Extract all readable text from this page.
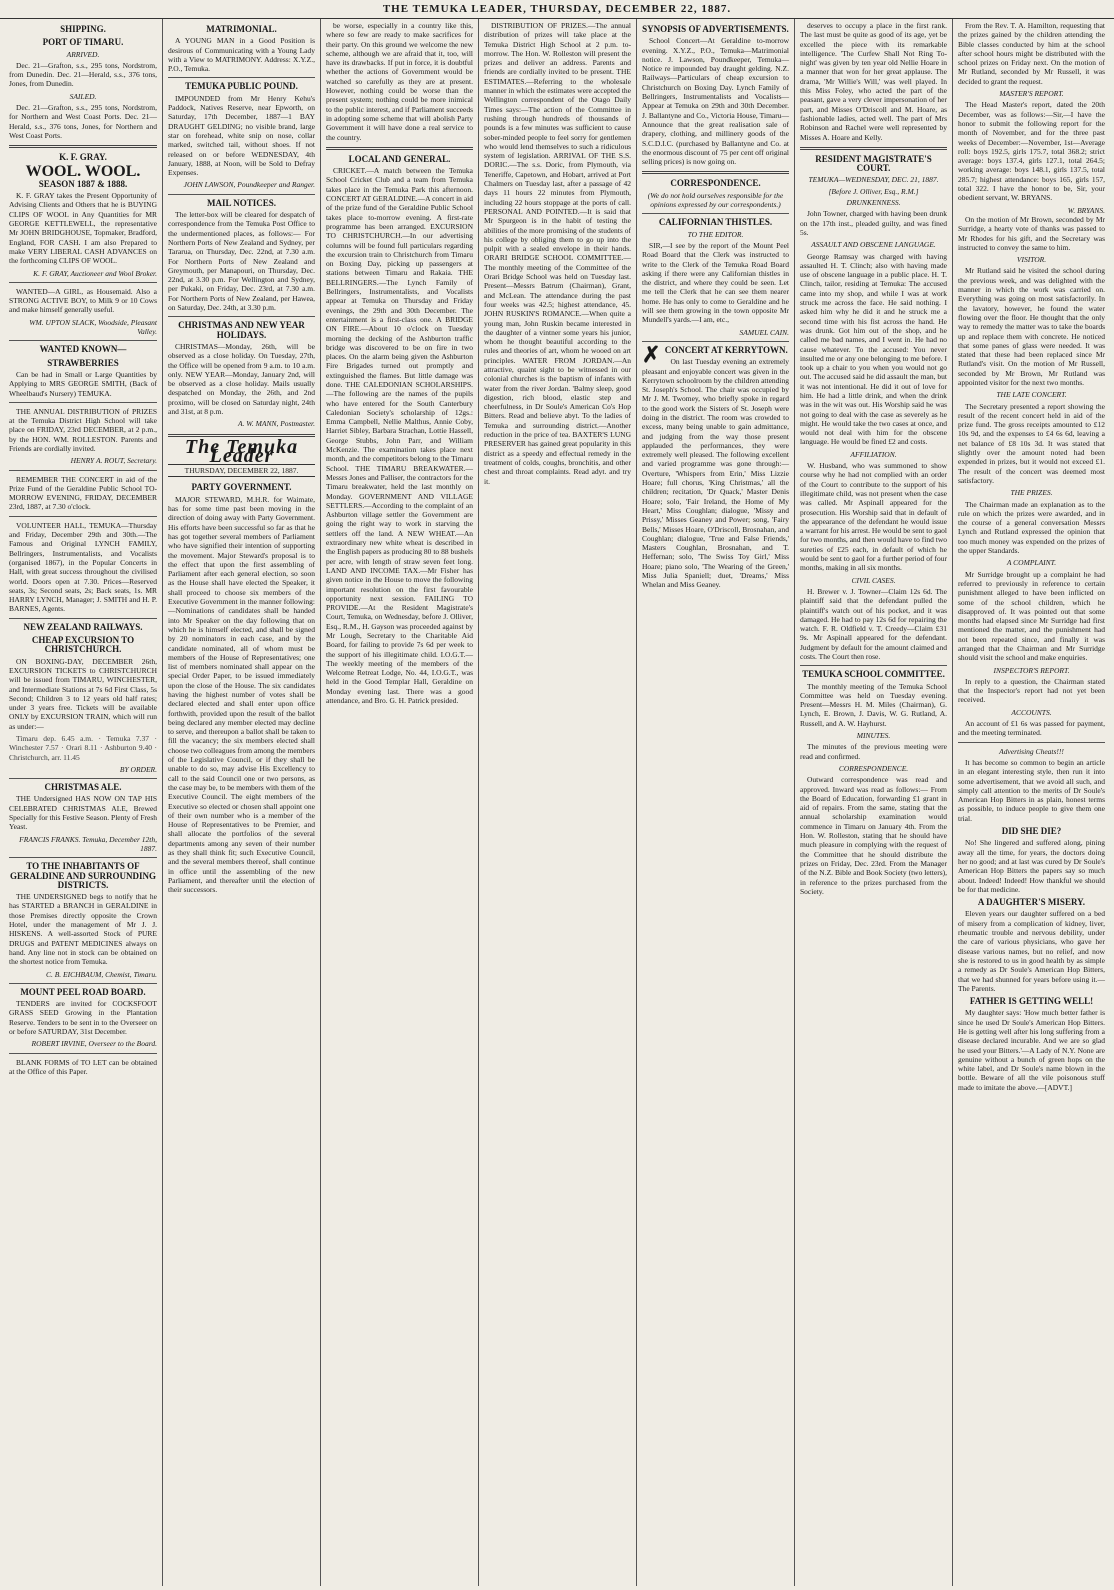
THE TEMUKA LEADER, THURSDAY, DECEMBER 22, 1887.
SHIPPING.
PORT OF TIMARU.
ARRIVED.

Dec. 21—Grafton, s.s., 295 tons, Nordstrom, from Dunedin. Dec. 21—Herald, s.s., 376 tons, Jones, from Dunedin.

SAILED.

Dec. 21—Grafton, s.s., 295 tons, Nordstrom, for Northern and West Coast Ports. Dec. 21—Herald, s.s., 376 tons, Jones, for Northern and West Coast Ports.

K. F. GRAY.
WOOL. WOOL.
SEASON 1887 & 1888.

K. F. GRAY takes the Present Opportunity of Advising Clients and Others that he is BUYING CLIPS OF WOOL in Any Quantities for MR GEORGE KETTLEWELL, the representative Mr JOHN BRIDGHOUSE, Topmaker, Bradford, England, FOR CASH. I am also Prepared to make VERY LIBERAL CASH ADVANCES on the forthcoming CLIPS OF WOOL.

K. F. GRAY, Auctioneer and Wool Broker.

WANTED—A GIRL, as Housemaid. Also a STRONG ACTIVE BOY, to Milk 9 or 10 Cows and make himself generally useful.

WM. UPTON SLACK, Woodside, Pleasant Valley.
WANTED KNOWN—
STRAWBERRIES

Can be had in Small or Large Quantities by Applying to MRS GEORGE SMITH, (Back of Wheelbaud's Nursery) TEMUKA.

THE ANNUAL DISTRIBUTION of PRIZES at the Temuka District High School will take place on FRIDAY, 23rd DECEMBER, at 2 p.m., by the HON. WM. ROLLESTON. Parents and Friends are cordially invited.

HENRY A. ROUT, Secretary.

REMEMBER THE CONCERT in aid of the Prize Fund of the Geraldine Public School TO-MORROW EVENING, FRIDAY, DECEMBER 23rd, 1887, at 7.30 o'clock.

VOLUNTEER HALL, TEMUKA—Thursday and Friday, December 29th and 30th.—The Famous and Original LYNCH FAMILY, Bellringers, Instrumentalists, and Vocalists (organised 1867), in the Popular Concerts in Hall, with great success throughout the civilised world. Doors open at 7.30. Prices—Reserved seats, 3s; Second seats, 2s; Back seats, 1s. MR HARRY LYNCH, Manager; J. SMITH and H. P. BARNES, Agents.

NEW ZEALAND RAILWAYS.
CHEAP EXCURSION TO CHRISTCHURCH.

ON BOXING-DAY, DECEMBER 26th, EXCURSION TICKETS to CHRISTCHURCH will be issued from TIMARU, WINCHESTER, and Intermediate Stations at 7s 6d First Class, 5s Second; Children 3 to 12 years old half rates; under 3 years free. Tickets will be available ONLY by EXCURSION TRAIN, which will run as under:—

Timaru dep. 6.45 a.m. · Temuka 7.37 · Winchester 7.57 · Orari 8.11 · Ashburton 9.40 · Christchurch, arr. 11.45

BY ORDER.
CHRISTMAS ALE.

THE Undersigned HAS NOW ON TAP HIS CELEBRATED CHRISTMAS ALE, Brewed Specially for this Festive Season. Plenty of Fresh Yeast.

FRANCIS FRANKS. Temuka, December 12th, 1887.
TO THE INHABITANTS OF GERALDINE AND SURROUNDING DISTRICTS.

THE UNDERSIGNED begs to notify that he has STARTED a BRANCH in GERALDINE in those Premises directly opposite the Crown Hotel, under the management of Mr J. J. HISKENS. A well-assorted Stock of PURE DRUGS and PATENT MEDICINES always on hand. Any line not in stock can be obtained on the shortest notice from Temuka.

C. B. EICHBAUM, Chemist, Timaru.
MOUNT PEEL ROAD BOARD.

TENDERS are invited for COCKSFOOT GRASS SEED Growing in the Plantation Reserve. Tenders to be sent in to the Overseer on or before SATURDAY, 31st December.

ROBERT IRVINE, Overseer to the Board.

BLANK FORMS of TO LET can be obtained at the Office of this Paper.

MATRIMONIAL.

A YOUNG MAN in a Good Position is desirous of Communicating with a Young Lady with a View to MATRIMONY. Address: X.Y.Z., P.O., Temuka.

TEMUKA PUBLIC POUND.

IMPOUNDED from Mr Henry Kehu's Paddock, Natives Reserve, near Epworth, on Saturday, 17th December, 1887—1 BAY DRAUGHT GELDING; no visible brand, large star on forehead, white snip on nose, collar marked, switched tail, without shoes. If not released on or before WEDNESDAY, 4th January, 1888, at Noon, will be Sold to Defray Expenses.

JOHN LAWSON, Poundkeeper and Ranger.
MAIL NOTICES.

The letter-box will be cleared for despatch of correspondence from the Temuka Post Office to the undermentioned places, as follows:— For Northern Ports of New Zealand and Sydney, per Tararua, on Thursday, Dec. 22nd, at 7.30 a.m. For Northern Ports of New Zealand and Greymouth, per Manapouri, on Thursday, Dec. 22nd, at 3.30 p.m. For Wellington and Sydney, per Pukaki, on Friday, Dec. 23rd, at 7.30 a.m. For Northern Ports of New Zealand, per Hawea, on Saturday, Dec. 24th, at 3.30 p.m.

CHRISTMAS AND NEW YEAR HOLIDAYS.

CHRISTMAS—Monday, 26th, will be observed as a close holiday. On Tuesday, 27th, the Office will be opened from 9 a.m. to 10 a.m. only. NEW YEAR—Monday, January 2nd, will be observed as a close holiday. Mails usually despatched on Monday, the 26th, and 2nd proximo, will be closed on Saturday night, 24th and 31st, at 8 p.m.

A. W. MANN, Postmaster.
The Temuka Leader
THURSDAY, DECEMBER 22, 1887.
PARTY GOVERNMENT.

MAJOR STEWARD, M.H.R. for Waimate, has for some time past been moving in the direction of doing away with Party Government. His efforts have been successful so far as that he has got together several members of Parliament who have signified their intention of supporting the movement. Major Steward's proposal is to the effect that upon the first assembling of Parliament after each general election, so soon as the House shall have elected the Speaker, it shall proceed to choose six members of the Executive Government in the manner following:—Nominations of candidates shall be handed into Mr Speaker on the day following that on which he is himself elected, and shall be signed by 20 nominators in each case, and by the candidate nominated, all of whom must be members of the House of Representatives; one list of members nominated shall appear on the special Order Paper, to be issued immediately upon the close of the House. The six candidates having the highest number of votes shall be declared elected and shall enter upon office forthwith, provided upon the result of the ballot being declared any member elected may decline to serve, and thereupon a ballot shall be taken to fill the vacancy; the six members elected shall choose two colleagues from among the members of the Legislative Council, or if they shall be unable to do so, may advise His Excellency to call to the said Council one or two persons, as the case may be, to be members with them of the Executive Council. The eight members of the Executive so elected or chosen shall appoint one of their own number who is a member of the House of Representatives to be Premier, and shall allocate the portfolios of the several departments among any seven of their number as they shall think fit; such Executive Council, and the several members thereof, shall continue in office until the assembling of the new Parliament, and thereafter until the election of their successors.

be worse, especially in a country like this, where so few are ready to make sacrifices for their party. On this ground we welcome the new scheme, although we are afraid that it, too, will have its drawbacks. If put in force, it is doubtful whether the actions of Government would be watched so carefully as they are at present. However, nothing could be worse than the present system; nothing could be more inimical to the public interest, and if Parliament succeeds in adopting some scheme that will abolish Party Government it will have done a real service to the country.

LOCAL AND GENERAL.

CRICKET.—A match between the Temuka School Cricket Club and a team from Temuka takes place in the Temuka Park this afternoon. CONCERT AT GERALDINE.—A concert in aid of the prize fund of the Geraldine Public School takes place to-morrow evening. A first-rate programme has been arranged. EXCURSION TO CHRISTCHURCH.—In our advertising columns will be found full particulars regarding the excursion train to Christchurch from Timaru on Boxing Day, picking up passengers at stations between Timaru and Rakaia. THE BELLRINGERS.—The Lynch Family of Bellringers, Instrumentalists, and Vocalists appear at Temuka on Thursday and Friday evenings, the 29th and 30th December. The entertainment is a first-class one. A BRIDGE ON FIRE.—About 10 o'clock on Tuesday morning the decking of the Ashburton traffic bridge was discovered to be on fire in two places. On the alarm being given the Ashburton Fire Brigades turned out promptly and extinguished the flames. But little damage was done. THE CALEDONIAN SCHOLARSHIPS.—The following are the names of the pupils who have entered for the South Canterbury Caledonian Society's scholarship of 12gs.: Emma Campbell, Nellie Malthus, Annie Coby, Harriet Sibley, Barbara Strachan, Lottie Hassell, George Stubbs, John Parr, and William McKenzie. The examination takes place next month, and the competitors belong to the Timaru School. THE TIMARU BREAKWATER.—Messrs Jones and Palliser, the contractors for the Timaru breakwater, held the last monthly on Monday. GOVERNMENT AND VILLAGE SETTLERS.—According to the complaint of an Ashburton village settler the Government are going the right way to work in starving the settlers off the land. A NEW WHEAT.—An extraordinary new white wheat is described in the English papers as producing 80 to 88 bushels per acre, with length of straw seven feet long. LAND AND INCOME TAX.—Mr Fisher has given notice in the House to move the following important resolution on the first favourable opportunity next session. FAILING TO PROVIDE.—At the Resident Magistrate's Court, Temuka, on Wednesday, before J. Olliver, Esq., R.M., H. Gayson was proceeded against by Mr Lough, Secretary to the Charitable Aid Board, for failing to provide 7s 6d per week to the support of his illegitimate child. I.O.G.T.—The weekly meeting of the members of the Welcome Retreat Lodge, No. 44, I.O.G.T., was held in the Good Templar Hall, Geraldine on Monday evening last. There was a good attendance, and Bro. G. H. Patrick presided.

DISTRIBUTION OF PRIZES.—The annual distribution of prizes will take place at the Temuka District High School at 2 p.m. to-morrow. The Hon. W. Rolleston will present the prizes and deliver an address. Parents and friends are cordially invited to be present. THE ESTIMATES.—Referring to the wholesale manner in which the estimates were accepted the Wellington correspondent of the Otago Daily Times says:—The action of the Committee in rushing through hundreds of thousands of pounds is a few minutes was sufficient to cause sober-minded people to feel sorry for gentlemen who would lend themselves to such a ridiculous system of legislation. ARRIVAL OF THE S.S. DORIC.—The s.s. Doric, from Plymouth, via Teneriffe, Capetown, and Hobart, arrived at Port Chalmers on Tuesday last, after a passage of 42 days 11 hours 22 minutes from Plymouth, including 22 hours stoppage at the ports of call. PERSONAL AND POINTED.—It is said that Mr Spurgeon is in the habit of testing the abilities of the more promising of the students of his college by obliging them to go up into the pulpit with a sealed envelope in their hands. ORARI BRIDGE SCHOOL COMMITTEE.—The monthly meeting of the Committee of the Orari Bridge School was held on Tuesday last. Present—Messrs Batrum (Chairman), Grant, and McLean. The attendance during the past four weeks was 42.5; highest attendance, 45. JOHN RUSKIN'S ROMANCE.—When quite a young man, John Ruskin became interested in the daughter of a vintner some years his junior, whom he thought beautiful according to the rules and theories of art, whom he wooed on art principles. WATER FROM JORDAN.—An attractive, quaint sight to be witnessed in our colonial churches is the baptism of infants with water from the river Jordan. 'Balmy sleep, good digestion, rich blood, elastic step and cheerfulness, in Dr Soule's American Co's Hop Bitters. Read and believe abyt. To the ladies of Temuka and surrounding district.—Another reduction in the price of tea. BAXTER'S LUNG PRESERVER has gained great popularity in this district as a speedy and effectual remedy in the treatment of colds, coughs, bronchitis, and other chest and throat complaints. Read adyt. and try it.

SYNOPSIS OF ADVERTISEMENTS.

School Concert—At Geraldine to-morrow evening. X.Y.Z., P.O., Temuka—Matrimonial notice. J. Lawson, Poundkeeper, Temuka—Notice re impounded bay draught gelding. N.Z. Railways—Particulars of cheap excursion to Christchurch on Boxing Day. Lynch Family of Bellringers, Instrumentalists and Vocalists—Appear at Temuka on 29th and 30th December. J. Ballantyne and Co., Victoria House, Timaru—Announce that the great realisation sale of drapery, clothing, and millinery goods of the S.C.D.I.C. (purchased by Ballantyne and Co. at the enormous discount of 75 per cent off original selling prices) is now going on.

CORRESPONDENCE.
(We do not hold ourselves responsible for the opinions expressed by our correspondents.)
CALIFORNIAN THISTLES.
TO THE EDITOR.

SIR,—I see by the report of the Mount Peel Road Board that the Clerk was instructed to write to the Clerk of the Temuka Road Board asking if there were any Californian thistles in the district, and where they could be seen. Let me tell the Clerk that he can see them nearer home. He has only to come to Geraldine and he will see them growing in the town opposite Mr Mundell's yards.—I am, etc.,

SAMUEL CAIN.
✗ CONCERT AT KERRYTOWN.

On last Tuesday evening an extremely pleasant and enjoyable concert was given in the Kerrytown schoolroom by the children attending St. Joseph's School. The chair was occupied by Mr J. M. Twomey, who briefly spoke in regard to the good work the Sisters of St. Joseph were doing in the district. The room was crowded to excess, many being unable to gain admittance, and judging from the way those present applauded the performances, they were extremely well pleased. The following excellent and varied programme was gone through:—Overture, 'Whispers from Erin,' Miss Lizzie Hoare; full chorus, 'King Christmas,' all the children; recitation, 'Dr Quack,' Master Denis Hoare; solo, 'Fair Ireland, the Home of My Heart,' Miss Coughlan; dialogue, 'Missy and Prissy,' Misses Geaney and Power; song, 'Fairy Bells,' Misses Hoare, O'Driscoll, Brosnahan, and Coughlan; dialogue, 'True and False Friends,' Masters Coughlan, Brosnahan, and T. Heffernan; solo, 'The Swiss Toy Girl,' Miss Hoare; piano solo, 'The Wearing of the Green,' Miss Julia Spaniell; duet, 'Dreams,' Miss Whelan and Miss Geaney.

deserves to occupy a place in the first rank. The last must be quite as good of its age, yet be excelled the piece with its remarkable intelligence. 'The Curfew Shall Not Ring To-night' was given by ten year old Nellie Hoare in a manner that won for her great applause. The drama, 'Mr Willie's Will,' was well played. In this Miss Foley, who acted the part of the peasant, gave a very clever impersonation of her part, and Misses O'Driscoll and M. Hoare, as fashionable ladies, acted well. The part of Mrs Robinson and Rachel were well represented by Misses A. Hoare and Kelly.

RESIDENT MAGISTRATE'S COURT.
TEMUKA—WEDNESDAY, DEC. 21, 1887.
[Before J. Olliver, Esq., R.M.]
DRUNKENNESS.

John Towner, charged with having been drunk on the 17th inst., pleaded guilty, and was fined 5s.

ASSAULT AND OBSCENE LANGUAGE.

George Ramsay was charged with having assaulted H. T. Clinch; also with having made use of obscene language in a public place. H. T. Clinch, tailor, residing at Temuka: The accused came into my shop, and while I was at work struck me across the face. He said nothing. I asked him why he did it and he struck me a second time with his fist across the hand. He was drunk. Got him out of the shop, and he called me bad names, and I went in. He had no cause whatever. To the accused: You never insulted me or any one belonging to me before. I took up a chair to you when you would not go out. The accused said he did assault the man, but it was not intentional. He did it out of love for him. He had a little drink, and when the drink was in the wit was out. His Worship said he was not going to deal with the case as severely as he might. He would take the two cases at once, and would not deal with him for the obscene language. He would be fined £2 and costs.

AFFILIATION.

W. Husband, who was summoned to show course why he had not complied with an order of the Court to contribute to the support of his illegitimate child, was not present when the case was called. Mr Aspinall appeared for the prosecution. His Worship said that in default of the appearance of the defendant he would issue a warrant for his arrest. He would be sent to gaol for two months, and then would have to find two sureties of £25 each, in default of which he would be sent to gaol for a further period of four months, making in all six months.

CIVIL CASES.

H. Brewer v. J. Towner—Claim 12s 6d. The plaintiff said that the defendant pulled the plaintiff's watch out of his pocket, and it was damaged. He had to pay 12s 6d for repairing the watch. F. R. Oldfield v. T. Creedy—Claim £31 9s. Mr Aspinall appeared for the defendant. Judgment by default for the amount claimed and costs. The Court then rose.

TEMUKA SCHOOL COMMITTEE.

The monthly meeting of the Temuka School Committee was held on Tuesday evening. Present—Messrs H. M. Miles (Chairman), G. Lynch, E. Brown, J. Davis, W. G. Rutland, A. Russell, and A. W. Hayhurst.

MINUTES.

The minutes of the previous meeting were read and confirmed.

CORRESPONDENCE.

Outward correspondence was read and approved. Inward was read as follows:— From the Board of Education, forwarding £1 grant in aid of repairs. From the same, stating that the annual scholarship examination would commence in Timaru on January 4th. From the Hon. W. Rolleston, stating that he should have much pleasure in complying with the request of the Committee that he should distribute the prizes on Friday, Dec. 23rd. From the Manager of the N.Z. Bible and Book Society (two letters), in reference to the prizes purchased from the Society.

From the Rev. T. A. Hamilton, requesting that the prizes gained by the children attending the Bible classes conducted by him at the school after school hours might be distributed with the school prizes on Friday next. On the motion of Mr Rutland, seconded by Mr Russell, it was decided to grant the request.

MASTER'S REPORT.

The Head Master's report, dated the 20th December, was as follows:—Sir,—I have the honor to submit the following report for the month of November, and for the three past weeks of December:—November, 1st—Average roll: boys 192.5, girls 175.7, total 368.2; strict average: boys 137.4, girls 127.1, total 264.5; working average: boys 148.1, girls 137.5, total 285.7; highest attendance: boys 165, girls 157, total 322. I have the honor to be, Sir, your obedient servant, W. BRYANS.

W. BRYANS.

On the motion of Mr Brown, seconded by Mr Surridge, a hearty vote of thanks was passed to Mr Rhodes for his gift, and the Secretary was instructed to convey the same to him.

VISITOR.

Mr Rutland said he visited the school during the previous week, and was delighted with the manner in which the work was carried on. Everything was going on most satisfactorily. In the lavatory, however, he found the water flowing over the floor. He thought that the only way to remedy the matter was to take the boards up and replace them with concrete. He noticed that some panes of glass were needed. It was stated that these had been replaced since Mr Rutland's visit. On the motion of Mr Russell, seconded by Mr Brown, Mr Rutland was appointed visitor for the next two months.

THE LATE CONCERT.

The Secretary presented a report showing the result of the recent concert held in aid of the prize fund. The gross receipts amounted to £12 10s 9d, and the expenses to £4 6s 6d, leaving a net balance of £8 10s 3d. It was stated that slightly over the amount noted had been expended in prizes, but it would not exceed £1. The result of the concert was deemed most satisfactory.

THE PRIZES.

The Chairman made an explanation as to the rule on which the prizes were awarded, and in the course of a general conversation Messrs Lynch and Rutland expressed the opinion that too much money was expended on the prizes of the upper Standards.

A COMPLAINT.

Mr Surridge brought up a complaint he had referred to previously in reference to certain punishment alleged to have been inflicted on some of the school children, which he disapproved of. It was pointed out that some months had elapsed since Mr Surridge had first mentioned the matter, and the punishment had not been repeated since, and finally it was arranged that the Chairman and Mr Surridge should visit the school and make enquiries.

INSPECTOR'S REPORT.

In reply to a question, the Chairman stated that the Inspector's report had not yet been received.

ACCOUNTS.

An account of £1 6s was passed for payment, and the meeting terminated.

Advertising Cheats!!!

It has become so common to begin an article in an elegant interesting style, then run it into some advertisement, that we avoid all such, and simply call attention to the merits of Dr Soule's American Hop Bitters in as plain, honest terms as possible, to induce people to give them one trial.

DID SHE DIE?

No! She lingered and suffered along, pining away all the time, for years, the doctors doing her no good; and at last was cured by Dr Soule's American Hop Bitters the papers say so much about. Indeed! Indeed! How thankful we should be for that medicine.

A DAUGHTER'S MISERY.

Eleven years our daughter suffered on a bed of misery from a complication of kidney, liver, rheumatic trouble and nervous debility, under the care of various physicians, who gave her disease various names, but no relief, and now she is restored to us in good health by as simple a remedy as Dr Soule's American Hop Bitters, that we had shunned for years before using it.—The Parents.

FATHER IS GETTING WELL!

My daughter says: 'How much better father is since he used Dr Soule's American Hop Bitters. He is getting well after his long suffering from a disease declared incurable. And we are so glad he used your Bitters.'—A Lady of N.Y. None are genuine without a bunch of green hops on the white label, and Dr Soule's name blown in the bottle. Beware of all the vile poisonous stuff made to imitate the above.—[ADVT.]
